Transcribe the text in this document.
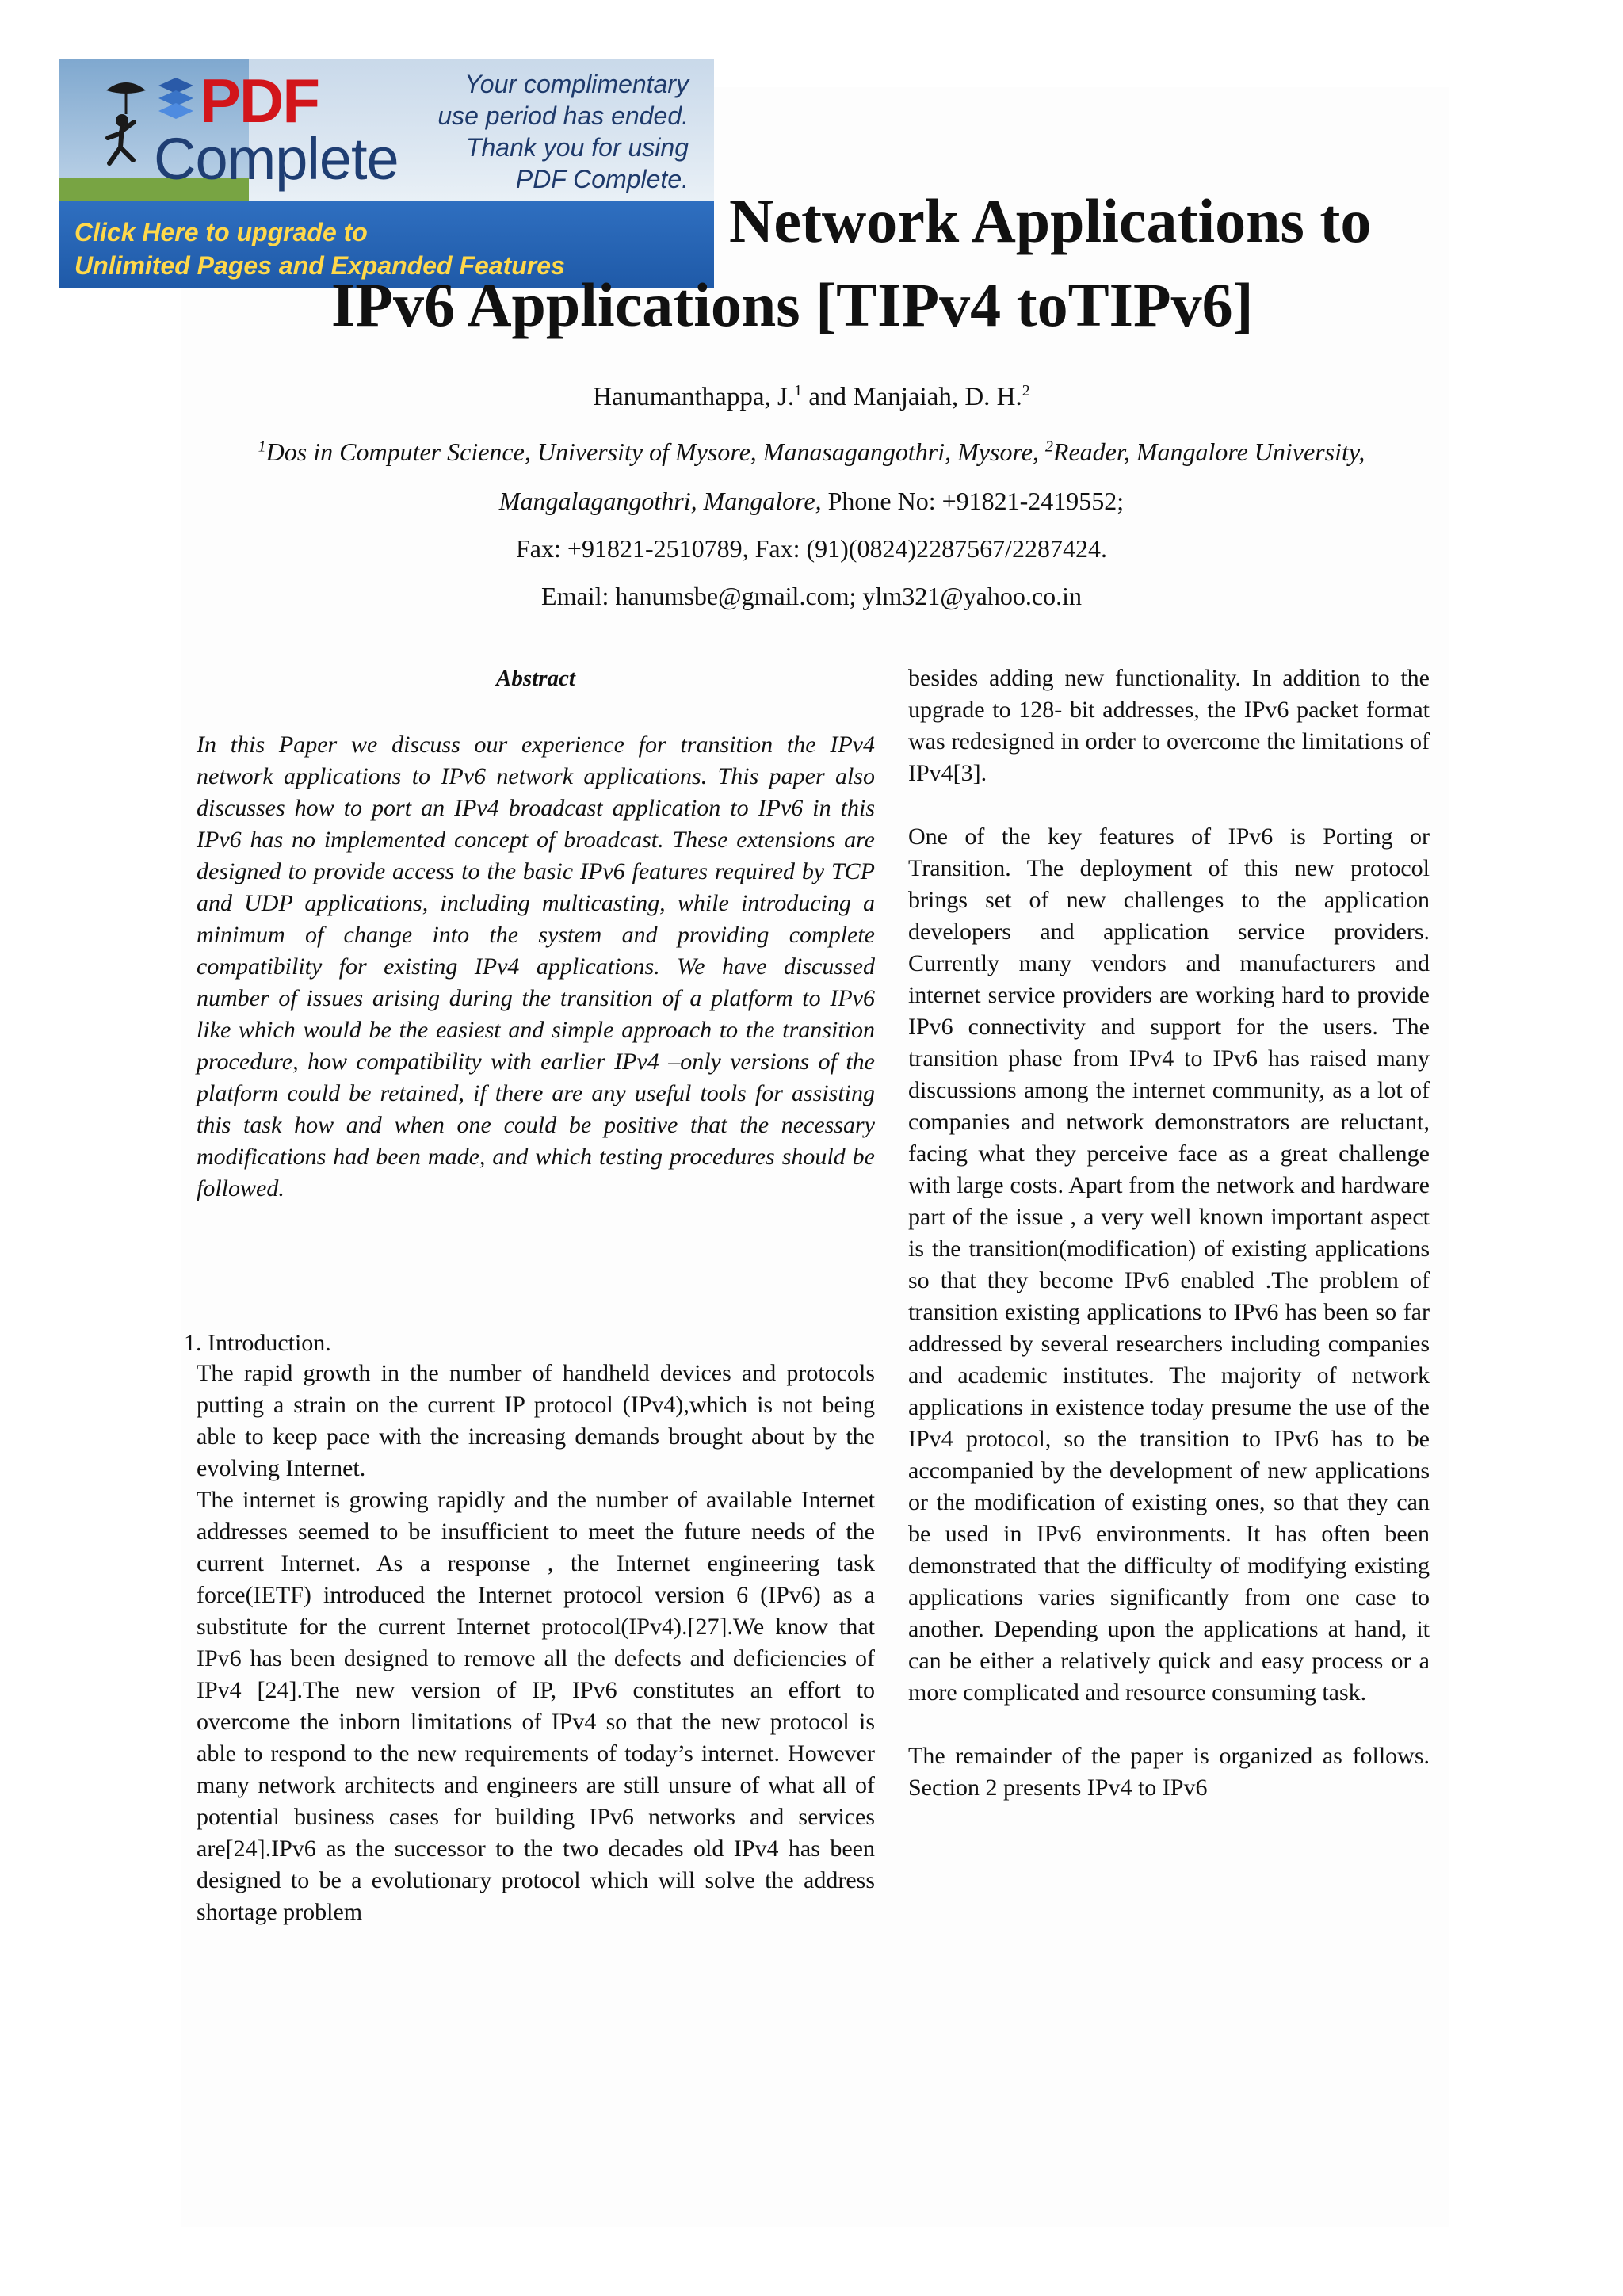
PDF
Complete
Your complimentary
use period has ended.
Thank you for using
PDF Complete.
Click Here to upgrade to
Unlimited Pages and Expanded Features
Network Applications to
IPv6 Applications [TIPv4 toTIPv6]
Hanumanthappa, J.$^1$ and Manjaiah, D. H.$^2$
$^1$Dos in Computer Science, University of Mysore, Manasagangothri, Mysore, $^2$Reader, Mangalore University,
Mangalagangothri, Mangalore, Phone No: +91821-2419552;
Fax: +91821-2510789, Fax: (91)(0824)2287567/2287424.
Email: hanumsbe@gmail.com; ylm321@yahoo.co.in
Abstract

In this Paper we discuss our experience for transition the IPv4 network applications to IPv6 network applications. This paper also discusses how to port an IPv4 broadcast application to IPv6 in this IPv6 has no implemented concept of broadcast. These extensions are designed to provide access to the basic IPv6 features required by TCP and UDP applications, including multicasting, while introducing a minimum of change into the system and providing complete compatibility for existing IPv4 applications. We have discussed number of issues arising during the transition of a platform to IPv6 like which would be the easiest and simple approach to the transition procedure, how compatibility with earlier IPv4 –only versions of the platform could be retained, if there are any useful tools for assisting this task how and when one could be positive that the necessary modifications had been made, and which testing procedures should be followed.

1. Introduction.

The rapid growth in the number of handheld devices and protocols putting a strain on the current IP protocol (IPv4),which is not being able to keep pace with the increasing demands brought about by the evolving Internet.

The internet is growing rapidly and the number of available Internet addresses seemed to be insufficient to meet the future needs of the current Internet. As a response , the Internet engineering task force(IETF) introduced the Internet protocol version 6 (IPv6) as a substitute for the current Internet protocol(IPv4).[27].We know that IPv6 has been designed to remove all the defects and deficiencies of IPv4 [24].The new version of IP, IPv6 constitutes an effort to overcome the inborn limitations of IPv4 so that the new protocol is able to respond to the new requirements of today’s internet. However many network architects and engineers are still unsure of what all of potential business cases for building IPv6 networks and services are[24].IPv6 as the successor to the two decades old IPv4 has been designed to be a evolutionary protocol which will solve the address shortage problem

besides adding new functionality. In addition to the upgrade to 128- bit addresses, the IPv6 packet format was redesigned in order to overcome the limitations of IPv4[3].

One of the key features of IPv6 is Porting or Transition. The deployment of this new protocol brings set of new challenges to the application developers and application service providers. Currently many vendors and manufacturers and internet service providers are working hard to provide IPv6 connectivity and support for the users. The transition phase from IPv4 to IPv6 has raised many discussions among the internet community, as a lot of companies and network demonstrators are reluctant, facing what they perceive face as a great challenge with large costs. Apart from the network and hardware part of the issue , a very well known important aspect is the transition(modification) of existing applications so that they become IPv6 enabled .The problem of transition existing applications to IPv6 has been so far addressed by several researchers including companies and academic institutes. The majority of network applications in existence today presume the use of the IPv4 protocol, so the transition to IPv6 has to be accompanied by the development of new applications or the modification of existing ones, so that they can be used in IPv6 environments. It has often been demonstrated that the difficulty of modifying existing applications varies significantly from one case to another. Depending upon the applications at hand, it can be either a relatively quick and easy process or a more complicated and resource consuming task.

The remainder of the paper is organized as follows. Section 2 presents IPv4 to IPv6
